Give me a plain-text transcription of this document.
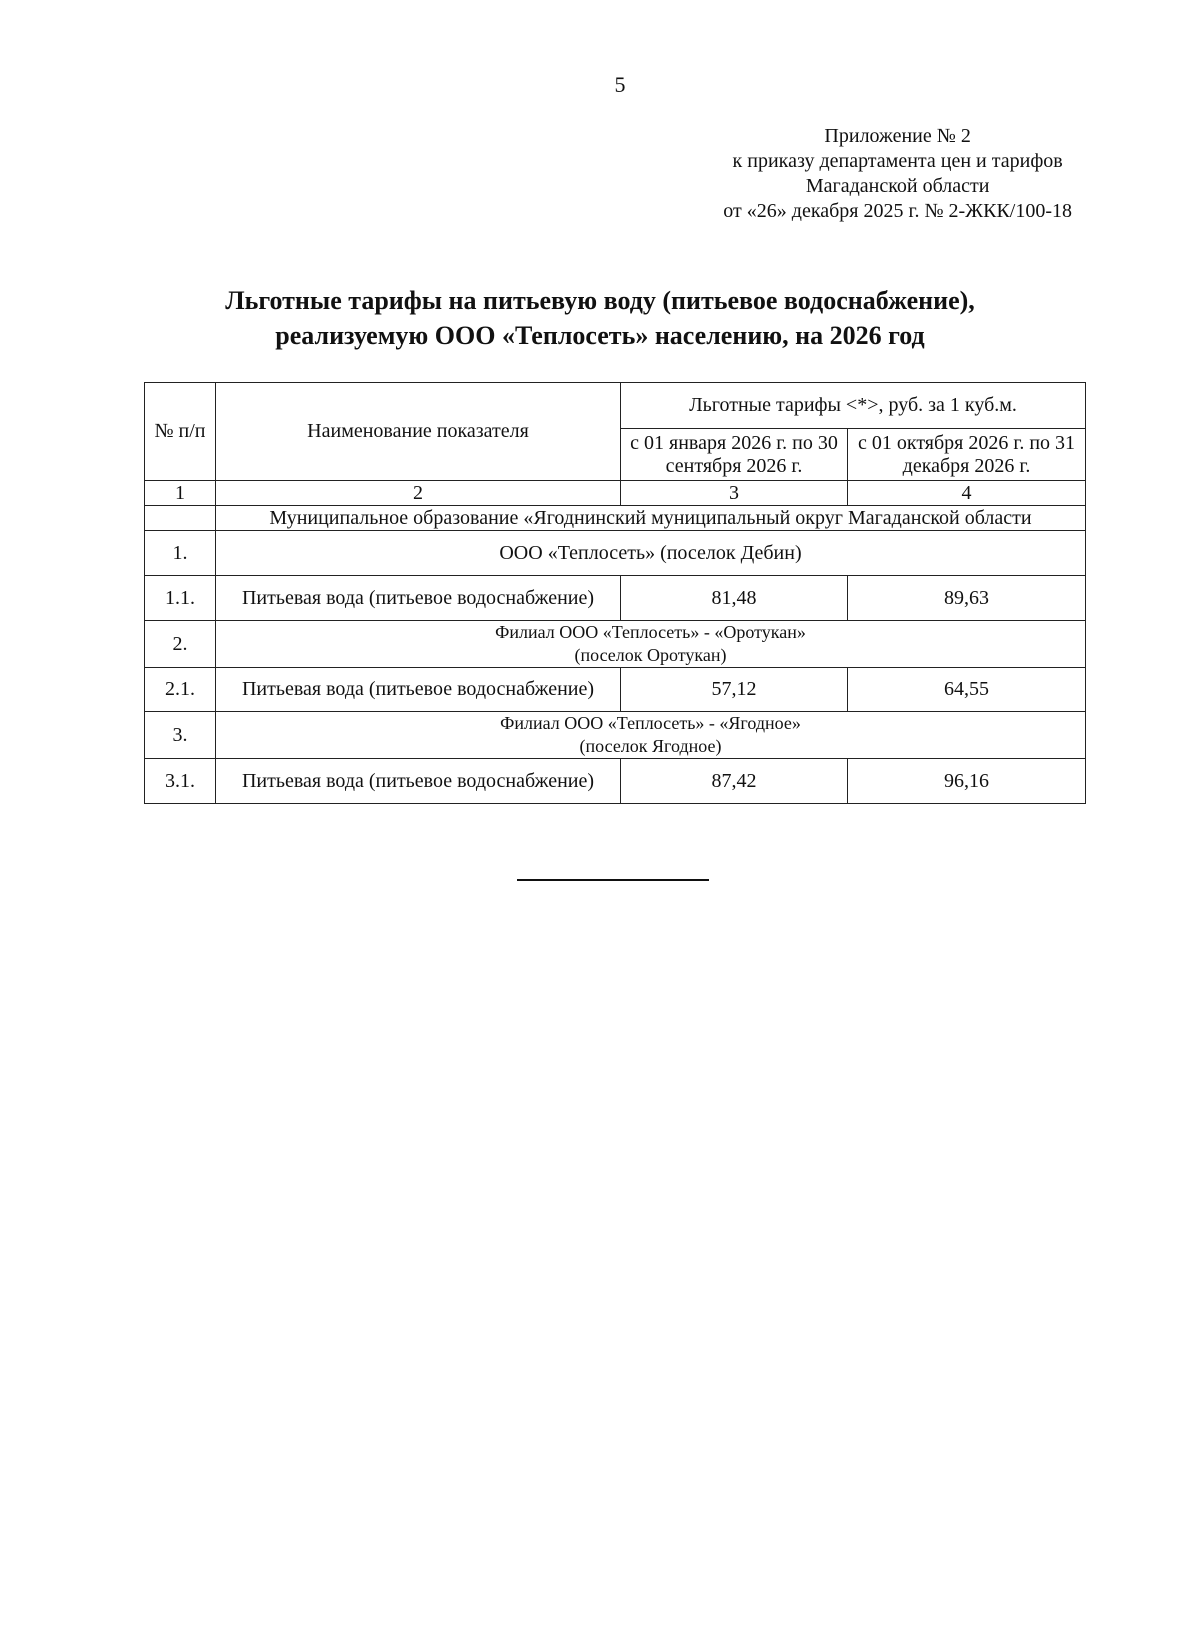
5
Приложение № 2
к приказу департамента цен и тарифов
Магаданской области
от «26» декабря 2025 г. № 2-ЖКК/100-18
Льготные тарифы на питьевую воду (питьевое водоснабжение),
реализуемую ООО «Теплосеть» населению, на 2026 год
№ п/п	Наименование показателя	Льготные тарифы <*>, руб. за 1 куб.м.	
		с 01 января 2026 г. по 30 сентября 2026 г.	с 01 октября 2026 г. по 31 декабря 2026 г.
1	2	3	4
	Муниципальное образование «Ягоднинский муниципальный округ Магаданской области		
1.	ООО «Теплосеть» (поселок Дебин)		

1.1.	Питьевая вода (питьевое водоснабжение)	81,48	89,63
2.	Филиал ООО «Теплосеть» - «Оротукан»
(поселок Оротукан)		

2.1.	Питьевая вода (питьевое водоснабжение)	57,12	64,55
3.	Филиал ООО «Теплосеть» - «Ягодное»
(поселок Ягодное)		

3.1.	Питьевая вода (питьевое водоснабжение)	87,42	96,16
